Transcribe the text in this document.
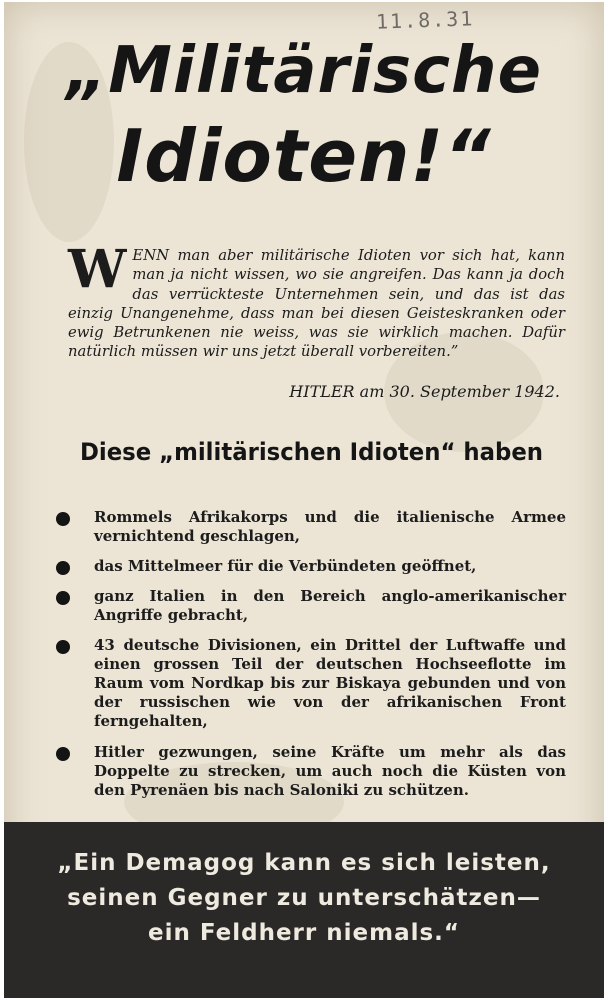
11.8.31
„Militärische
Idioten!“
WENN man aber militärische Idioten vor sich hat, kann man ja nicht wissen, wo sie angreifen. Das kann ja doch das verrückteste Unternehmen sein, und das ist das einzig Unangenehme, dass man bei diesen Geisteskranken oder ewig Betrunkenen nie weiss, was sie wirklich machen. Dafür natürlich müssen wir uns jetzt überall vorbereiten.”
HITLER am 30. September 1942.
Diese „militärischen Idioten“ haben
Rommels Afrikakorps und die italienische Armee vernichtend geschlagen,
das Mittelmeer für die Verbündeten geöffnet,
ganz Italien in den Bereich anglo-amerikanischer Angriffe gebracht,
43 deutsche Divisionen, ein Drittel der Luftwaffe und einen grossen Teil der deutschen Hochseeflotte im Raum vom Nordkap bis zur Biskaya gebunden und von der russischen wie von der afrikanischen Front ferngehalten,
Hitler gezwungen, seine Kräfte um mehr als das Doppelte zu strecken, um auch noch die Küsten von den Pyrenäen bis nach Saloniki zu schützen.
„Ein Demagog kann es sich leisten,
seinen Gegner zu unterschätzen—
ein Feldherr niemals.“
